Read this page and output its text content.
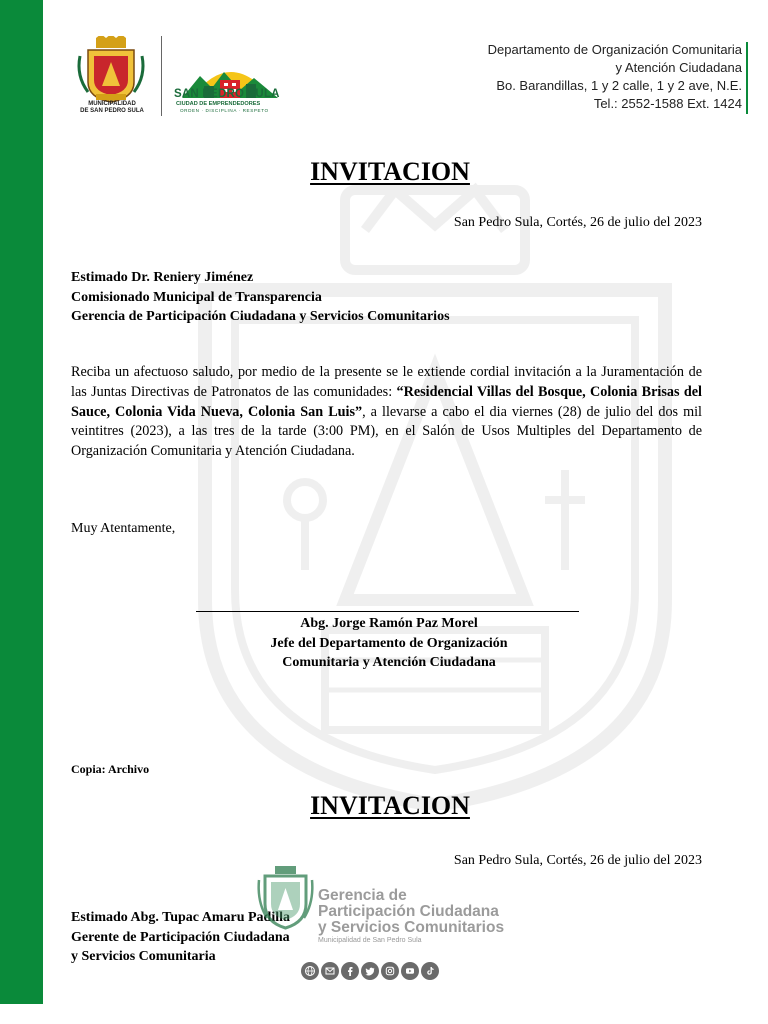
MUNICIPALIDAD
DE SAN PEDRO SULA
SAN PEDRO SULA
CIUDAD DE EMPRENDEDORES
ORDEN · DISCIPLINA · RESPETO
Departamento de Organización Comunitaria
y Atención Ciudadana
Bo. Barandillas, 1 y 2 calle, 1 y 2 ave, N.E.
Tel.: 2552-1588 Ext. 1424
INVITACION
San Pedro Sula, Cortés, 26 de julio del 2023
Estimado Dr. Reniery Jiménez
Comisionado Municipal de Transparencia
Gerencia de Participación Ciudadana y Servicios Comunitarios
Reciba un afectuoso saludo, por medio de la presente se le extiende cordial invitación a la Juramentación de las Juntas Directivas de Patronatos de las comunidades: “Residencial Villas del Bosque, Colonia Brisas del Sauce, Colonia Vida Nueva, Colonia San Luis”, a llevarse a cabo el dia viernes (28) de julio del dos mil veintitres (2023), a las tres de la tarde (3:00 PM), en el Salón de Usos Multiples del Departamento de Organización Comunitaria y Atención Ciudadana.
Muy Atentamente,
Abg. Jorge Ramón Paz Morel
Jefe del Departamento de Organización
Comunitaria y Atención Ciudadana
Copia: Archivo
INVITACION
San Pedro Sula, Cortés, 26 de julio del 2023
Estimado Abg. Tupac Amaru Padilla
Gerente de Participación Ciudadana
y Servicios Comunitaria
Gerencia de
Participación Ciudadana
y Servicios Comunitarios
Municipalidad de San Pedro Sula
